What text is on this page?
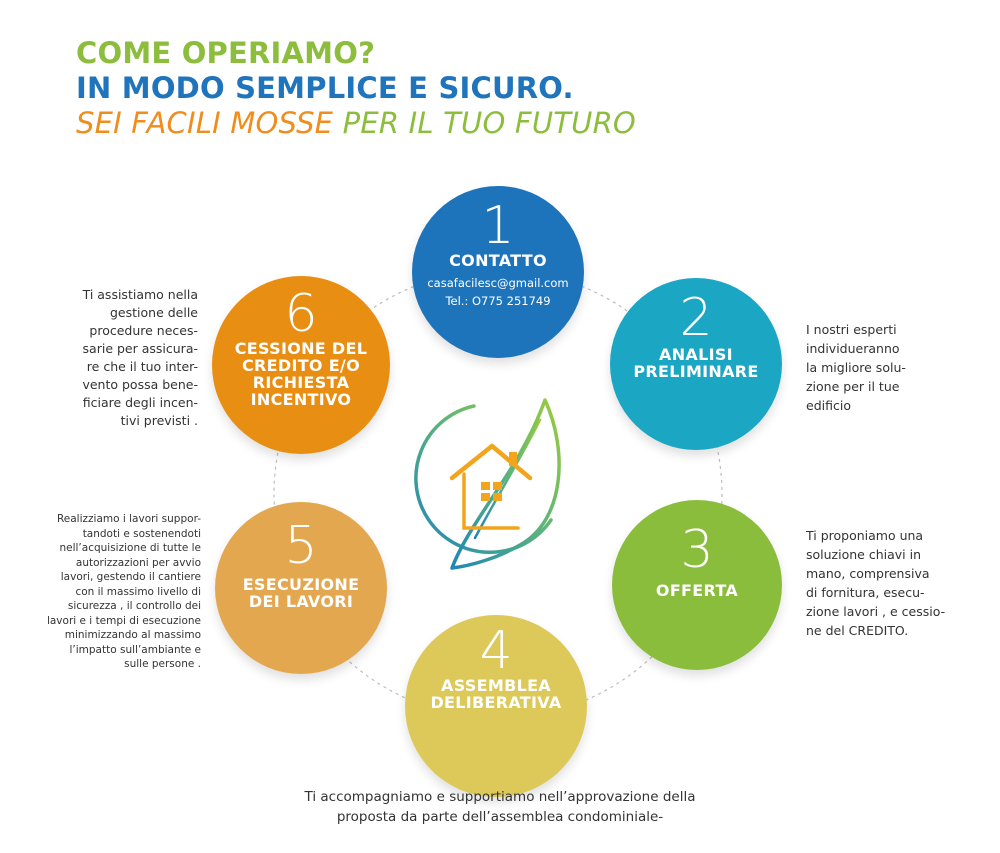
COME OPERIAMO?
IN MODO SEMPLICE E SICURO.
SEI FACILI MOSSE PER IL TUO FUTURO
1
CONTATTO
casafacilesc@gmail.com
Tel.: O775 251749 2
ANALISI
PRELIMINARE
3
OFFERTA
4
ASSEMBLEA
DELIBERATIVA
5
ESECUZIONE
DEI LAVORI
6
CESSIONE DEL
CREDITO E/O
RICHIESTA
INCENTIVO
Ti assistiamo nella
gestione delle
procedure neces-
sarie per assicura-
re che il tuo inter-
vento possa bene-
ficiare degli incen-
tivi previsti .
I nostri esperti
individueranno
la migliore solu-
zione per il tue
edificio
Ti proponiamo una
soluzione chiavi in
mano, comprensiva
di fornitura, esecu-
zione lavori , e cessio-
ne del CREDITO.
Realizziamo i lavori suppor-
tandoti e sostenendoti
nell’acquisizione di tutte le
autorizzazioni per avvio
lavori, gestendo il cantiere
con il massimo livello di
sicurezza , il controllo dei
lavori e i tempi di esecuzione
minimizzando al massimo
l’impatto sull’ambiante e
sulle persone .
Ti accompagniamo e supportiamo nell’approvazione della
proposta da parte dell’assemblea condominiale-
